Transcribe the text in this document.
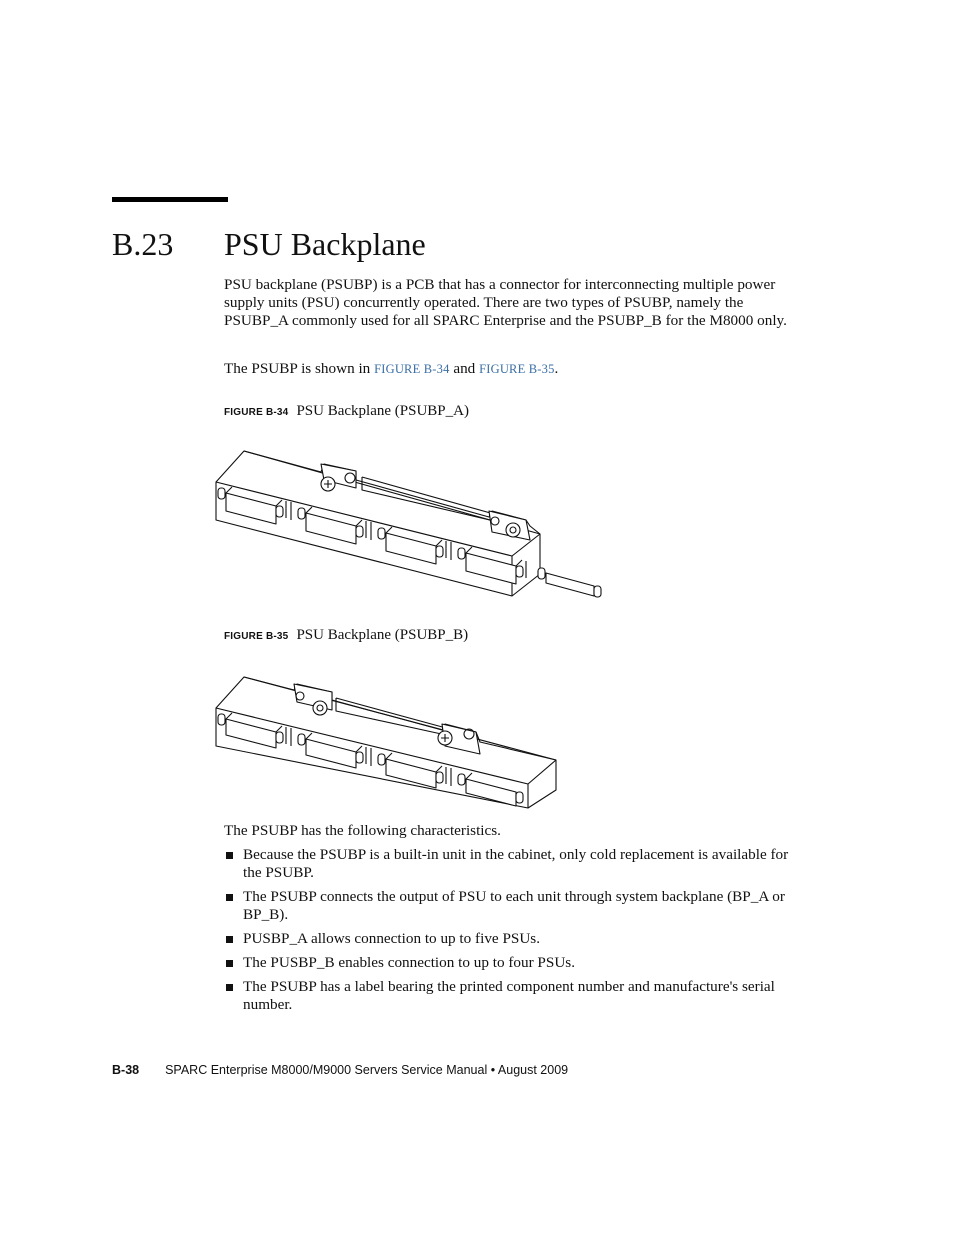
B.23 PSU Backplane
PSU backplane (PSUBP) is a PCB that has a connector for interconnecting multiple power supply units (PSU) concurrently operated. There are two types of PSUBP, namely the PSUBP_A commonly used for all SPARC Enterprise and the PSUBP_B for the M8000 only.
The PSUBP is shown in FIGURE B-34 and FIGURE B-35.
FIGURE B-34 PSU Backplane (PSUBP_A)
FIGURE B-35 PSU Backplane (PSUBP_B)
The PSUBP has the following characteristics.
Because the PSUBP is a built-in unit in the cabinet, only cold replacement is available for the PSUBP.
The PSUBP connects the output of PSU to each unit through system backplane (BP_A or BP_B).
PUSBP_A allows connection to up to five PSUs.
The PUSBP_B enables connection to up to four PSUs.
The PSUBP has a label bearing the printed component number and manufacture's serial number.
B-38 SPARC Enterprise M8000/M9000 Servers Service Manual • August 2009
